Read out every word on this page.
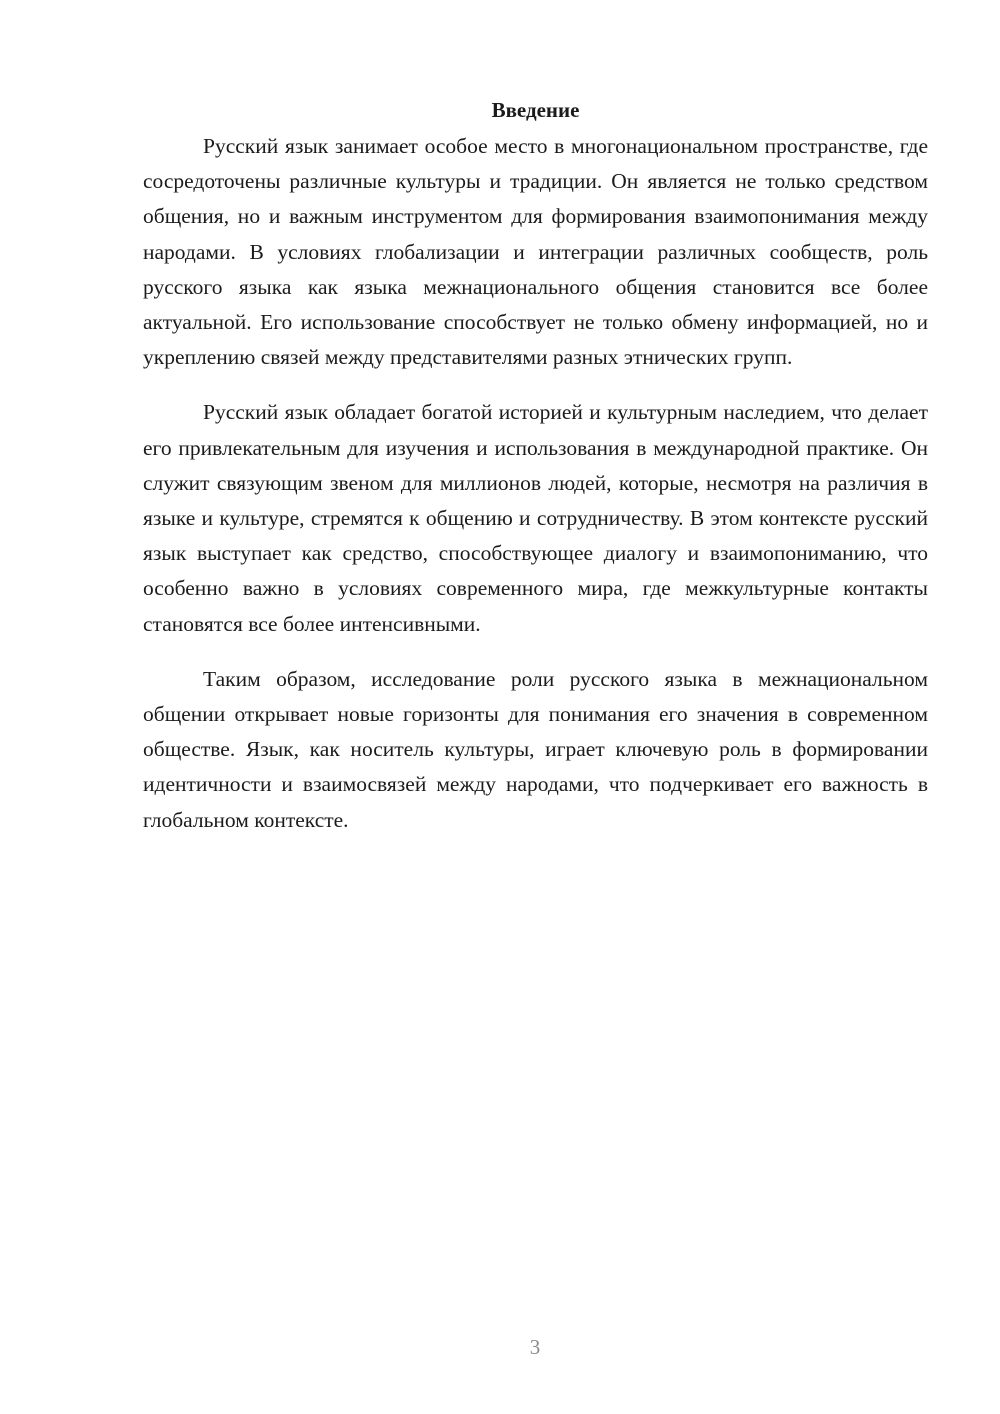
Введение

Русский язык занимает особое место в многонациональном пространстве, где сосредоточены различные культуры и традиции. Он является не только средством общения, но и важным инструментом для формирования взаимопонимания между народами. В условиях глобализации и интеграции различных сообществ, роль русского языка как языка межнационального общения становится все более актуальной. Его использование способствует не только обмену информацией, но и укреплению связей между представителями разных этнических групп.

Русский язык обладает богатой историей и культурным наследием, что делает его привлекательным для изучения и использования в международной практике. Он служит связующим звеном для миллионов людей, которые, несмотря на различия в языке и культуре, стремятся к общению и сотрудничеству. В этом контексте русский язык выступает как средство, способствующее диалогу и взаимопониманию, что особенно важно в условиях современного мира, где межкультурные контакты становятся все более интенсивными.

Таким образом, исследование роли русского языка в межнациональном общении открывает новые горизонты для понимания его значения в современном обществе. Язык, как носитель культуры, играет ключевую роль в формировании идентичности и взаимосвязей между народами, что подчеркивает его важность в глобальном контексте.

3
